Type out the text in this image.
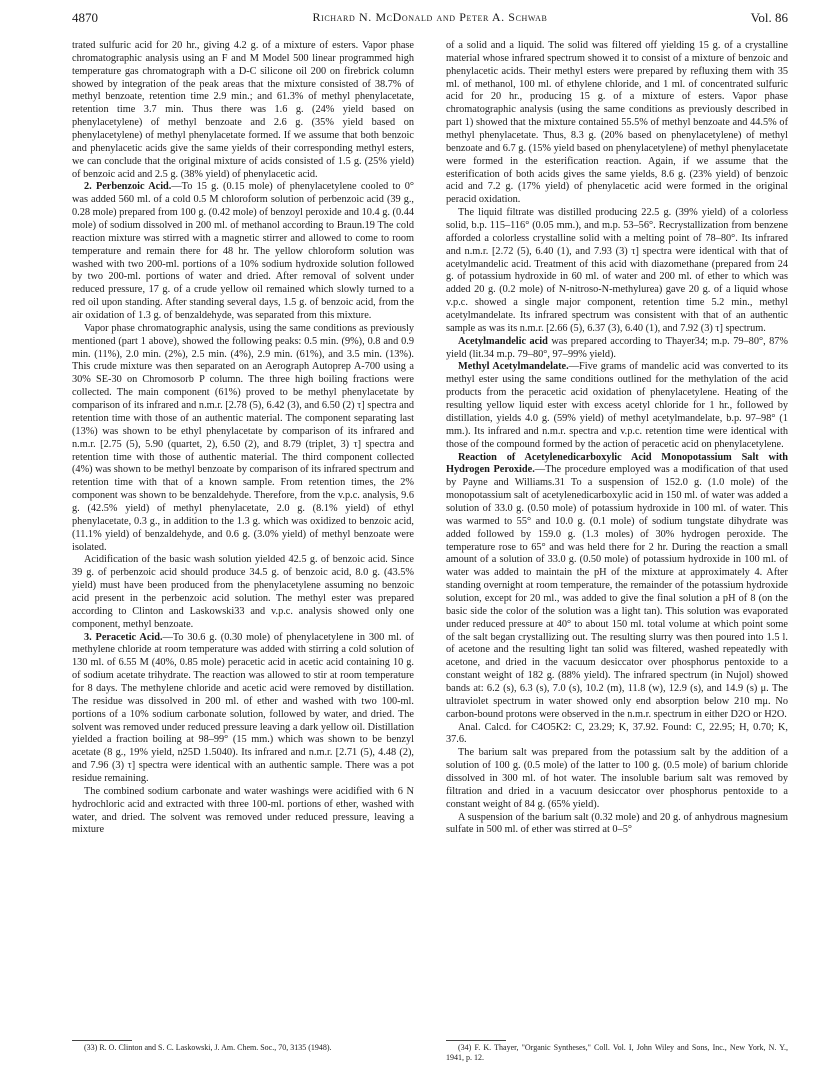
4870	Richard N. McDonald and Peter A. Schwab	Vol. 86

trated sulfuric acid for 20 hr., giving 4.2 g. of a mixture of esters. Vapor phase chromatographic analysis using an F and M Model 500 linear programmed high temperature gas chromatograph with a D-C silicone oil 200 on firebrick column showed by integration of the peak areas that the mixture consisted of 38.7% of methyl benzoate, retention time 2.9 min.; and 61.3% of methyl phenylacetate, retention time 3.7 min. Thus there was 1.6 g. (24% yield based on phenylacetylene) of methyl benzoate and 2.6 g. (35% yield based on phenylacetylene) of methyl phenylacetate formed. If we assume that both benzoic and phenylacetic acids give the same yields of their corresponding methyl esters, we can conclude that the original mixture of acids consisted of 1.5 g. (25% yield) of benzoic acid and 2.5 g. (38% yield) of phenylacetic acid.

2. Perbenzoic Acid.—To 15 g. (0.15 mole) of phenylacetylene cooled to 0° was added 560 ml. of a cold 0.5 M chloroform solution of perbenzoic acid (39 g., 0.28 mole) prepared from 100 g. (0.42 mole) of benzoyl peroxide and 10.4 g. (0.44 mole) of sodium dissolved in 200 ml. of methanol according to Braun.19 The cold reaction mixture was stirred with a magnetic stirrer and allowed to come to room temperature and remain there for 48 hr. The yellow chloroform solution was washed with two 200-ml. portions of a 10% sodium hydroxide solution followed by two 200-ml. portions of water and dried. After removal of solvent under reduced pressure, 17 g. of a crude yellow oil remained which slowly turned to a red oil upon standing. After standing several days, 1.5 g. of benzoic acid, from the air oxidation of 1.3 g. of benzaldehyde, was separated from this mixture.

Vapor phase chromatographic analysis, using the same conditions as previously mentioned (part 1 above), showed the following peaks: 0.5 min. (9%), 0.8 and 0.9 min. (11%), 2.0 min. (2%), 2.5 min. (4%), 2.9 min. (61%), and 3.5 min. (13%). This crude mixture was then separated on an Aerograph Autoprep A-700 using a 30% SE-30 on Chromosorb P column. The three high boiling fractions were collected. The main component (61%) proved to be methyl phenylacetate by comparison of its infrared and n.m.r. [2.78 (5), 6.42 (3), and 6.50 (2) τ] spectra and retention time with those of an authentic material. The component separating last (13%) was shown to be ethyl phenylacetate by comparison of its infrared and n.m.r. [2.75 (5), 5.90 (quartet, 2), 6.50 (2), and 8.79 (triplet, 3) τ] spectra and retention time with those of authentic material. The third component collected (4%) was shown to be methyl benzoate by comparison of its infrared spectrum and retention time with that of a known sample. From retention times, the 2% component was shown to be benzaldehyde. Therefore, from the v.p.c. analysis, 9.6 g. (42.5% yield) of methyl phenylacetate, 2.0 g. (8.1% yield) of ethyl phenylacetate, 0.3 g., in addition to the 1.3 g. which was oxidized to benzoic acid, (11.1% yield) of benzaldehyde, and 0.6 g. (3.0% yield) of methyl benzoate were isolated.

Acidification of the basic wash solution yielded 42.5 g. of benzoic acid. Since 39 g. of perbenzoic acid should produce 34.5 g. of benzoic acid, 8.0 g. (43.5% yield) must have been produced from the phenylacetylene assuming no benzoic acid present in the perbenzoic acid solution. The methyl ester was prepared according to Clinton and Laskowski33 and v.p.c. analysis showed only one component, methyl benzoate.

3. Peracetic Acid.—To 30.6 g. (0.30 mole) of phenylacetylene in 300 ml. of methylene chloride at room temperature was added with stirring a cold solution of 130 ml. of 6.55 M (40%, 0.85 mole) peracetic acid in acetic acid containing 10 g. of sodium acetate trihydrate. The reaction was allowed to stir at room temperature for 8 days. The methylene chloride and acetic acid were removed by distillation. The residue was dissolved in 200 ml. of ether and washed with two 100-ml. portions of a 10% sodium carbonate solution, followed by water, and dried. The solvent was removed under reduced pressure leaving a dark yellow oil. Distillation yielded a fraction boiling at 98–99° (15 mm.) which was shown to be benzyl acetate (8 g., 19% yield, n25D 1.5040). Its infrared and n.m.r. [2.71 (5), 4.48 (2), and 7.96 (3) τ] spectra were identical with an authentic sample. There was a pot residue remaining.

The combined sodium carbonate and water washings were acidified with 6 N hydrochloric acid and extracted with three 100-ml. portions of ether, washed with water, and dried. The solvent was removed under reduced pressure, leaving a mixture

of a solid and a liquid. The solid was filtered off yielding 15 g. of a crystalline material whose infrared spectrum showed it to consist of a mixture of benzoic and phenylacetic acids. Their methyl esters were prepared by refluxing them with 35 ml. of methanol, 100 ml. of ethylene chloride, and 1 ml. of concentrated sulfuric acid for 20 hr., producing 15 g. of a mixture of esters. Vapor phase chromatographic analysis (using the same conditions as previously described in part 1) showed that the mixture contained 55.5% of methyl benzoate and 44.5% of methyl phenylacetate. Thus, 8.3 g. (20% based on phenylacetylene) of methyl benzoate and 6.7 g. (15% yield based on phenylacetylene) of methyl phenylacetate were formed in the esterification reaction. Again, if we assume that the esterification of both acids gives the same yields, 8.6 g. (23% yield) of benzoic acid and 7.2 g. (17% yield) of phenylacetic acid were formed in the original peracid oxidation.

The liquid filtrate was distilled producing 22.5 g. (39% yield) of a colorless solid, b.p. 115–116° (0.05 mm.), and m.p. 53–56°. Recrystallization from benzene afforded a colorless crystalline solid with a melting point of 78–80°. Its infrared and n.m.r. [2.72 (5), 6.40 (1), and 7.93 (3) τ] spectra were identical with that of acetylmandelic acid. Treatment of this acid with diazomethane (prepared from 24 g. of potassium hydroxide in 60 ml. of water and 200 ml. of ether to which was added 20 g. (0.2 mole) of N-nitroso-N-methylurea) gave 20 g. of a liquid whose v.p.c. showed a single major component, retention time 5.2 min., methyl acetylmandelate. Its infrared spectrum was consistent with that of an authentic sample as was its n.m.r. [2.66 (5), 6.37 (3), 6.40 (1), and 7.92 (3) τ] spectrum.

Acetylmandelic acid was prepared according to Thayer34; m.p. 79–80°, 87% yield (lit.34 m.p. 79–80°, 97–99% yield).

Methyl Acetylmandelate.—Five grams of mandelic acid was converted to its methyl ester using the same conditions outlined for the methylation of the acid products from the peracetic acid oxidation of phenylacetylene. Heating of the resulting yellow liquid ester with excess acetyl chloride for 1 hr., followed by distillation, yields 4.0 g. (59% yield) of methyl acetylmandelate, b.p. 97–98° (1 mm.). Its infrared and n.m.r. spectra and v.p.c. retention time were identical with those of the compound formed by the action of peracetic acid on phenylacetylene.

Reaction of Acetylenedicarboxylic Acid Monopotassium Salt with Hydrogen Peroxide.—The procedure employed was a modification of that used by Payne and Williams.31 To a suspension of 152.0 g. (1.0 mole) of the monopotassium salt of acetylenedicarboxylic acid in 150 ml. of water was added a solution of 33.0 g. (0.50 mole) of potassium hydroxide in 100 ml. of water. This was warmed to 55° and 10.0 g. (0.1 mole) of sodium tungstate dihydrate was added followed by 159.0 g. (1.3 moles) of 30% hydrogen peroxide. The temperature rose to 65° and was held there for 2 hr. During the reaction a small amount of a solution of 33.0 g. (0.50 mole) of potassium hydroxide in 100 ml. of water was added to maintain the pH of the mixture at approximately 4. After standing overnight at room temperature, the remainder of the potassium hydroxide solution, except for 20 ml., was added to give the final solution a pH of 8 (on the basic side the color of the solution was a light tan). This solution was evaporated under reduced pressure at 40° to about 150 ml. total volume at which point some of the salt began crystallizing out. The resulting slurry was then poured into 1.5 l. of acetone and the resulting light tan solid was filtered, washed repeatedly with acetone, and dried in the vacuum desiccator over phosphorus pentoxide to a constant weight of 182 g. (88% yield). The infrared spectrum (in Nujol) showed bands at: 6.2 (s), 6.3 (s), 7.0 (s), 10.2 (m), 11.8 (w), 12.9 (s), and 14.9 (s) μ. The ultraviolet spectrum in water showed only end absorption below 210 mμ. No carbon-bound protons were observed in the n.m.r. spectrum in either D2O or H2O.

Anal. Calcd. for C4O5K2: C, 23.29; K, 37.92. Found: C, 22.95; H, 0.70; K, 37.6.

The barium salt was prepared from the potassium salt by the addition of a solution of 100 g. (0.5 mole) of the latter to 100 g. (0.5 mole) of barium chloride dissolved in 300 ml. of hot water. The insoluble barium salt was removed by filtration and dried in a vacuum desiccator over phosphorus pentoxide to a constant weight of 84 g. (65% yield).

A suspension of the barium salt (0.32 mole) and 20 g. of anhydrous magnesium sulfate in 500 ml. of ether was stirred at 0–5°

(33) R. O. Clinton and S. C. Laskowski, J. Am. Chem. Soc., 70, 3135 (1948).	(34) F. K. Thayer, "Organic Syntheses," Coll. Vol. I, John Wiley and Sons, Inc., New York, N. Y., 1941, p. 12.
